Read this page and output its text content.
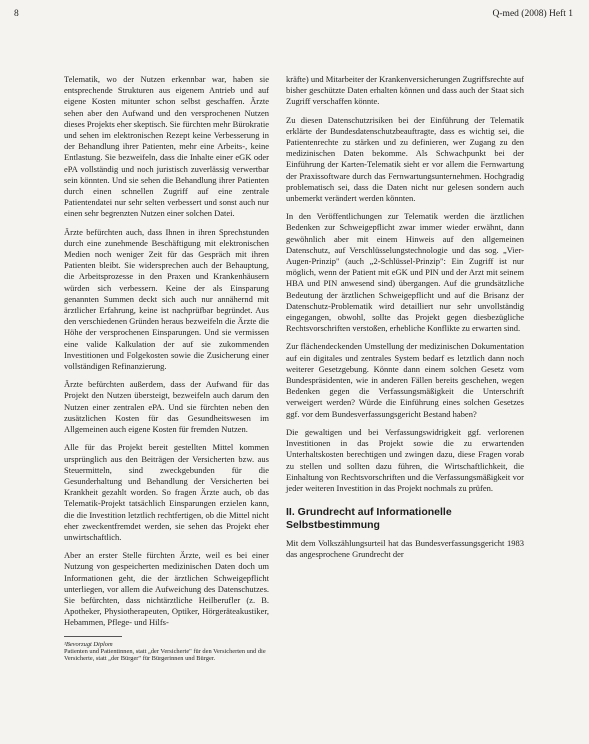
8	Q-med (2008) Heft 1

Telematik, wo der Nutzen erkennbar war, haben sie entsprechende Strukturen aus eigenem Antrieb und auf eigene Kosten mitunter schon selbst geschaffen. Ärzte sehen aber den Aufwand und den versprochenen Nutzen dieses Projekts eher skeptisch. Sie fürchten mehr Bürokratie und sehen im elektronischen Rezept keine Verbesserung in der Behandlung ihrer Patienten, mehr eine Arbeits-, keine Entlastung. Sie bezweifeln, dass die Inhalte einer eGK oder ePA vollständig und noch juristisch zuverlässig verwertbar sein könnten. Und sie sehen die Behandlung ihrer Patienten durch einen schnellen Zugriff auf eine zentrale Patientendatei nur sehr selten verbessert und sonst auch nur einen sehr begrenzten Nutzen einer solchen Datei.

Ärzte befürchten auch, dass Ihnen in ihren Sprechstunden durch eine zunehmende Beschäftigung mit elektronischen Medien noch weniger Zeit für das Gespräch mit ihren Patienten bleibt. Sie widersprechen auch der Behauptung, die Arbeitsprozesse in den Praxen und Krankenhäusern würden sich verbessern. Keine der als Einsparung genannten Summen deckt sich auch nur annähernd mit ärztlicher Erfahrung, keine ist nachprüfbar begründet. Aus den verschiedenen Gründen heraus bezweifeln die Ärzte die Höhe der versprochenen Einsparungen. Und sie vermissen eine valide Kalkulation der auf sie zukommenden Investitionen und Folgekosten sowie die Zusicherung einer vollständigen Refinanzierung.

Ärzte befürchten außerdem, dass der Aufwand für das Projekt den Nutzen übersteigt, bezweifeln auch darum den Nutzen einer zentralen ePA. Und sie fürchten neben den zusätzlichen Kosten für das Gesundheitswesen im Allgemeinen auch eigene Kosten für fremden Nutzen.

Alle für das Projekt bereit gestellten Mittel kommen ursprünglich aus den Beiträgen der Versicherten bzw. aus Steuermitteln, sind zweckgebunden für die Gesunderhaltung und Behandlung der Versicherten bei Krankheit gezahlt worden. So fragen Ärzte auch, ob das Telematik-Projekt tatsächlich Einsparungen erzielen kann, die die Investition letztlich rechtfertigen, ob die Mittel nicht eher zweckentfremdet werden, sie sehen das Projekt eher unwirtschaftlich.

Aber an erster Stelle fürchten Ärzte, weil es bei einer Nutzung von gespeicherten medizinischen Daten doch um Informationen geht, die der ärztlichen Schweigepflicht unterliegen, vor allem die Aufweichung des Datenschutzes. Sie befürchten, dass nichtärztliche Heilberufler (z. B. Apotheker, Physiotherapeuten, Optiker, Hörgeräteakustiker, Hebammen, Pflege- und Hilfs-

¹Bevorzugt Diplom
Patienten und Patientinnen, statt „der Versicherte" für den Versicherten und die Versicherte, statt „der Bürger" für Bürgerinnen und Bürger.

kräfte) und Mitarbeiter der Krankenversicherungen Zugriffsrechte auf bisher geschützte Daten erhalten können und dass auch der Staat sich Zugriff verschaffen könnte.

Zu diesen Datenschutzrisiken bei der Einführung der Telematik erklärte der Bundesdatenschutzbeauftragte, dass es wichtig sei, die Patientenrechte zu stärken und zu definieren, wer Zugang zu den medizinischen Daten bekomme. Als Schwachpunkt bei der Einführung der Karten-Telematik sieht er vor allem die Fernwartung der Praxissoftware durch das Fernwartungsunternehmen. Hochgradig problematisch sei, dass die Daten nicht nur gelesen sondern auch unbemerkt verändert werden könnten.

In den Veröffentlichungen zur Telematik werden die ärztlichen Bedenken zur Schweigepflicht zwar immer wieder erwähnt, dann gewöhnlich aber mit einem Hinweis auf den allgemeinen Datenschutz, auf Verschlüsselungstechnologie und das sog. „Vier-Augen-Prinzip" (auch „2-Schlüssel-Prinzip": Ein Zugriff ist nur möglich, wenn der Patient mit eGK und PIN und der Arzt mit seinem HBA und PIN anwesend sind) übergangen. Auf die grundsätzliche Bedeutung der ärztlichen Schweigepflicht und auf die Brisanz der Datenschutz-Problematik wird detailliert nur sehr unvollständig eingegangen, obwohl, sollte das Projekt gegen diesbezügliche Rechtsvorschriften verstoßen, erhebliche Konflikte zu erwarten sind.

Zur flächendeckenden Umstellung der medizinischen Dokumentation auf ein digitales und zentrales System bedarf es letztlich dann noch weiterer Gesetzgebung. Könnte dann einem solchen Gesetz vom Bundespräsidenten, wie in anderen Fällen bereits geschehen, wegen Bedenken gegen die Verfassungsmäßigkeit die Unterschrift verweigert werden? Würde die Einführung eines solchen Gesetzes ggf. vor dem Bundesverfassungsgericht Bestand haben?

Die gewaltigen und bei Verfassungswidrigkeit ggf. verlorenen Investitionen in das Projekt sowie die zu erwartenden Unterhaltskosten berechtigen und zwingen dazu, diese Fragen vorab zu stellen und sollten dazu führen, die Wirtschaftlichkeit, die Einhaltung von Rechtsvorschriften und die Verfassungsmäßigkeit vor jeder weiteren Investition in das Projekt nochmals zu prüfen.

II. Grundrecht auf Informationelle
Selbstbestimmung

Mit dem Volkszählungsurteil hat das Bundesverfassungsgericht 1983 das angesprochene Grundrecht der
